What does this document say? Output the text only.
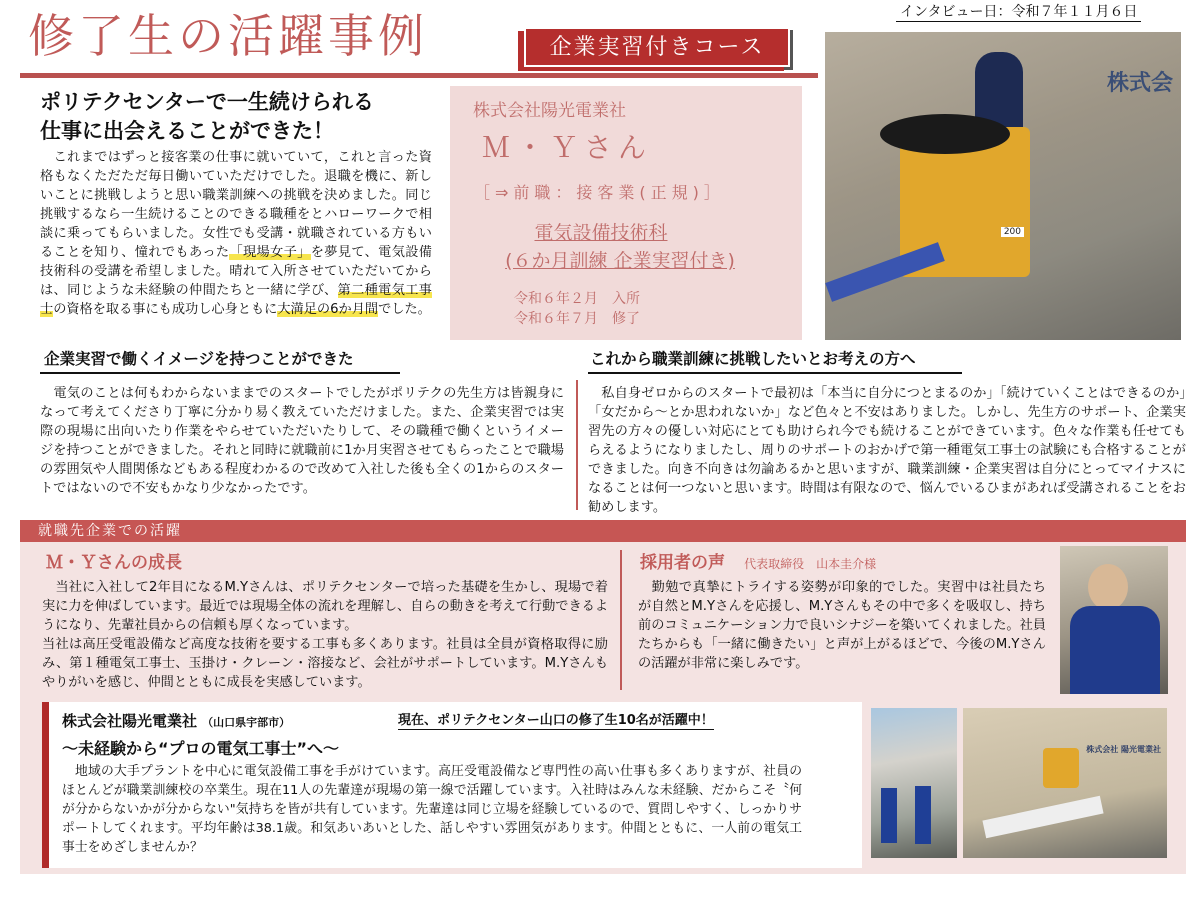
修了生の活躍事例	企業実習付きコース
インタビュー日：令和７年１１月６日
株式会
200
ポリテクセンターで一生続けられる
仕事に出会えることができた！
　これまではずっと接客業の仕事に就いていて，これと言った資格もなくただただ毎日働いていただけでした。退職を機に、新しいことに挑戦しようと思い職業訓練への挑戦を決めました。同じ挑戦するなら一生続けることのできる職種をとハローワークで相談に乗ってもらいました。女性でも受講・就職されている方もいることを知り、憧れでもあった「現場女子」を夢見て、電気設備技術科の受講を希望しました。晴れて入所させていただいてからは、同じような未経験の仲間たちと一緒に学び、第二種電気工事士の資格を取る事にも成功し心身ともに大満足の6か月間でした。
株式会社陽光電業社
Ｍ・Ｙさん
［⇒前職：接客業(正規)］
電気設備技術科
(６か月訓練 企業実習付き)
令和６年２月　入所
令和６年７月　修了
企業実習で働くイメージを持つことができた
　電気のことは何もわからないままでのスタートでしたがポリテクの先生方は皆親身になって考えてくださり丁寧に分かり易く教えていただけました。また、企業実習では実際の現場に出向いたり作業をやらせていただいたりして、その職種で働くというイメージを持つことができました。それと同時に就職前に1か月実習させてもらったことで職場の雰囲気や人間関係などもある程度わかるので改めて入社した後も全くの1からのスタートではないので不安もかなり少なかったです。
これから職業訓練に挑戦したいとお考えの方へ
　私自身ゼロからのスタートで最初は「本当に自分につとまるのか」「続けていくことはできるのか」「女だから～とか思われないか」など色々と不安はありました。しかし、先生方のサポート、企業実習先の方々の優しい対応にとても助けられ今でも続けることができています。色々な作業も任せてもらえるようになりましたし、周りのサポートのおかげで第一種電気工事士の試験にも合格することができました。向き不向きは勿論あるかと思いますが、職業訓練・企業実習は自分にとってマイナスになることは何一つないと思います。時間は有限なので、悩んでいるひまがあれば受講されることをお勧めします。
就職先企業での活躍
Ｍ・Ｙさんの成長
　当社に入社して2年目になるM.Yさんは、ポリテクセンターで培った基礎を生かし、現場で着実に力を伸ばしています。最近では現場全体の流れを理解し、自らの動きを考えて行動できるようになり、先輩社員からの信頼も厚くなっています。
当社は高圧受電設備など高度な技術を要する工事も多くあります。社員は全員が資格取得に励み、第１種電気工事士、玉掛け・クレーン・溶接など、会社がサポートしています。M.Yさんもやりがいを感じ、仲間とともに成長を実感しています。
採用者の声 代表取締役　山本圭介様
　勤勉で真摯にトライする姿勢が印象的でした。実習中は社員たちが自然とM.Yさんを応援し、M.Yさんもその中で多くを吸収し、持ち前のコミュニケーション力で良いシナジーを築いてくれました。社員たちからも「一緒に働きたい」と声が上がるほどで、今後のM.Yさんの活躍が非常に楽しみです。
株式会社陽光電業社 （山口県宇部市）	現在、ポリテクセンター山口の修了生10名が活躍中！
～未経験から“プロの電気工事士”へ～
　地域の大手プラントを中心に電気設備工事を手がけています。高圧受電設備など専門性の高い仕事も多くありますが、社員のほとんどが職業訓練校の卒業生。現在11人の先輩達が現場の第一線で活躍しています。入社時はみんな未経験、だからこそ〝何が分からないかが分からない"気持ちを皆が共有しています。先輩達は同じ立場を経験しているので、質問しやすく、しっかりサポートしてくれます。平均年齢は38.1歳。和気あいあいとした、話しやすい雰囲気があります。仲間とともに、一人前の電気工事士をめざしませんか？
株式会社 陽光電業社
